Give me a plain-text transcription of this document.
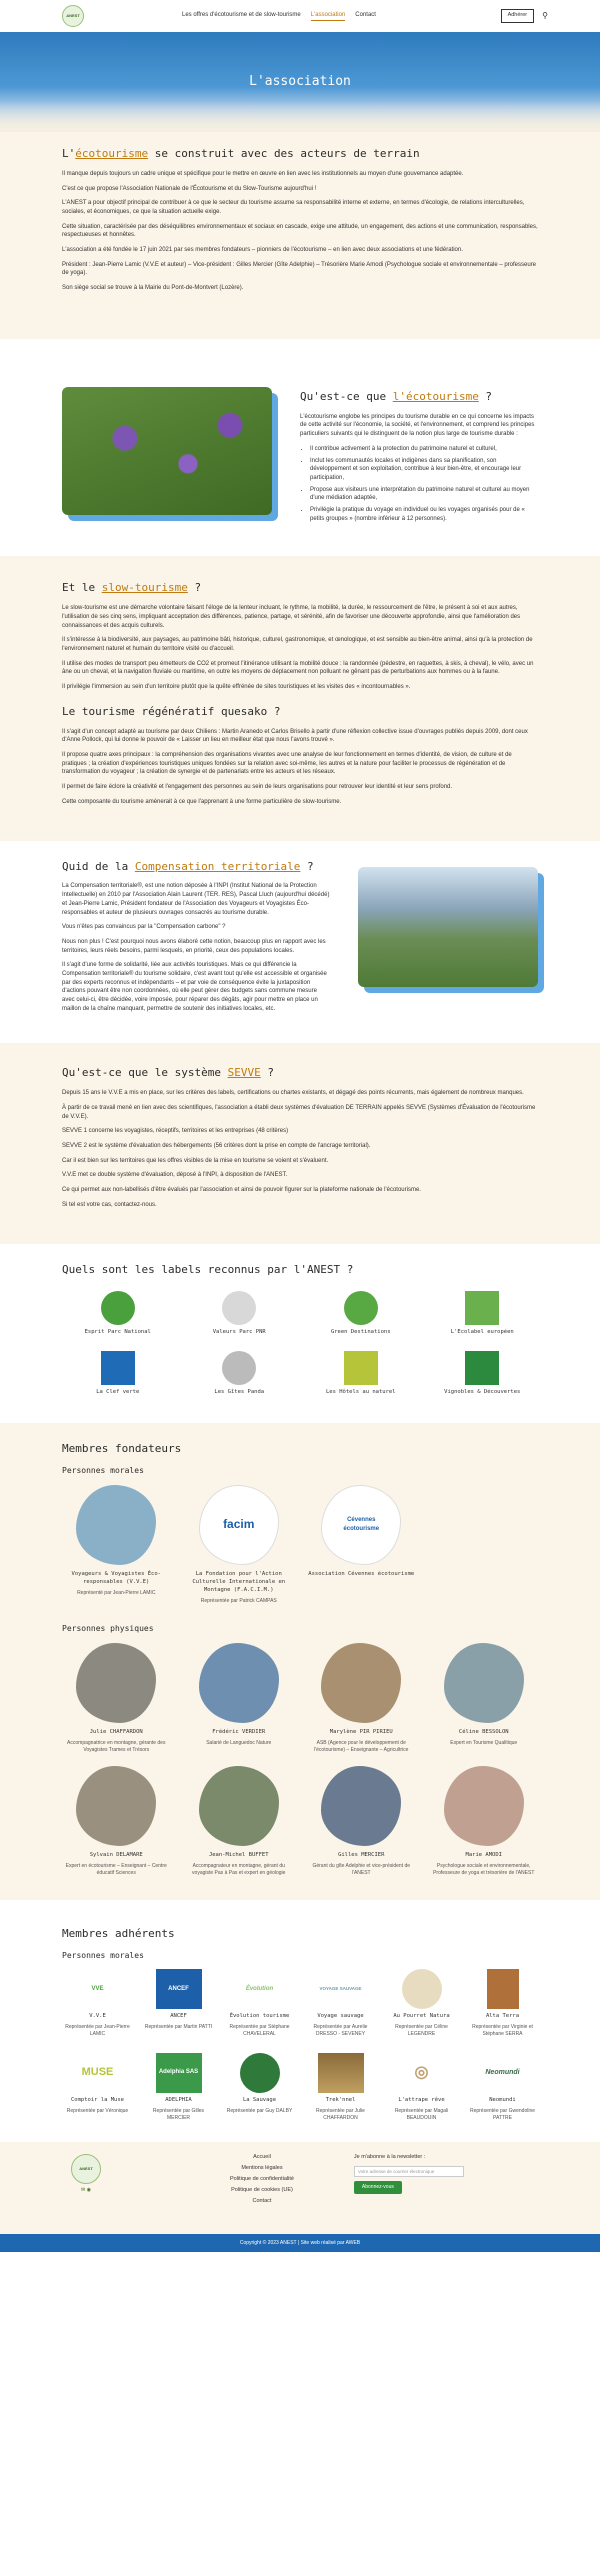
ANEST	Les offres d'écotourisme et de slow-tourisme L'association Contact	Adhérer	⚲
L'association
L'écotourisme se construit avec des acteurs de terrain

Il manque depuis toujours un cadre unique et spécifique pour le mettre en œuvre en lien avec les institutionnels au moyen d'une gouvernance adaptée.

C'est ce que propose l'Association Nationale de l'Écotourisme et du Slow-Tourisme aujourd'hui !

L'ANEST a pour objectif principal de contribuer à ce que le secteur du tourisme assume sa responsabilité interne et externe, en termes d'écologie, de relations interculturelles, sociales, et économiques, ce que la situation actuelle exige.

Cette situation, caractérisée par des déséquilibres environnementaux et sociaux en cascade, exige une attitude, un engagement, des actions et une communication, responsables, respectueuses et honnêtes.

L'association a été fondée le 17 juin 2021 par ses membres fondateurs – pionniers de l'écotourisme – en lien avec deux associations et une fédération.

Président : Jean-Pierre Lamic (V.V.E et auteur) – Vice-président : Gilles Mercier (Gîte Adelphie) – Trésorière Marie Amodi (Psychologue sociale et environnementale – professeure de yoga).

Son siège social se trouve à la Mairie du Pont-de-Montvert (Lozère).

Qu'est-ce que l'écotourisme ?

L'écotourisme englobe les principes du tourisme durable en ce qui concerne les impacts de cette activité sur l'économie, la société, et l'environnement, et comprend les principes particuliers suivants qui le distinguent de la notion plus large de tourisme durable :

• Il contribue activement à la protection du patrimoine naturel et culturel,
• Inclut les communautés locales et indigènes dans sa planification, son développement et son exploitation, contribue à leur bien-être, et encourage leur participation,
• Propose aux visiteurs une interprétation du patrimoine naturel et culturel au moyen d'une médiation adaptée,
• Privilégie la pratique du voyage en individuel ou les voyages organisés pour de « petits groupes » (nombre inférieur à 12 personnes).
Et le slow-tourisme ?

Le slow-tourisme est une démarche volontaire faisant l'éloge de la lenteur incluant, le rythme, la mobilité, la durée, le ressourcement de l'être, le présent à soi et aux autres, l'utilisation de ses cinq sens, impliquant acceptation des différences, patience, partage, et sérénité, afin de favoriser une découverte approfondie, ainsi que l'amélioration des connaissances et des acquis culturels.

Il s'intéresse à la biodiversité, aux paysages, au patrimoine bâti, historique, culturel, gastronomique, et œnologique, et est sensible au bien-être animal, ainsi qu'à la protection de l'environnement naturel et humain du territoire visité ou d'accueil.

Il utilise des modes de transport peu émetteurs de CO2 et promeut l'itinérance utilisant la mobilité douce : la randonnée (pédestre, en raquettes, à skis, à cheval), le vélo, avec un âne ou un cheval, et la navigation fluviale ou maritime, en outre les moyens de déplacement non polluant ne gênant pas de perturbations aux hommes ou à la faune.

Il privilégie l'immersion au sein d'un territoire plutôt que la quête effrénée de sites touristiques et les visites des « incontournables ».

Le tourisme régénératif quesako ?

Il s'agit d'un concept adapté au tourisme par deux Chiliens : Martin Aranedo et Carlos Brisello à partir d'une réflexion collective issue d'ouvrages publiés depuis 2009, dont ceux d'Anne Pollock, qui lui donne le pouvoir de « Laisser un lieu en meilleur état que nous l'avons trouvé ».

Il propose quatre axes principaux : la compréhension des organisations vivantes avec une analyse de leur fonctionnement en termes d'identité, de vision, de culture et de pratiques ; la création d'expériences touristiques uniques fondées sur la relation avec soi-même, les autres et la nature pour faciliter le processus de régénération et de transformation du voyageur ; la création de synergie et de partenariats entre les acteurs et les réseaux.

Il permet de faire éclore la créativité et l'engagement des personnes au sein de leurs organisations pour retrouver leur identité et leur sens profond.

Cette composante du tourisme amènerait à ce que l'apprenant à une forme particulière de slow-tourisme.

Quid de la Compensation territoriale ?

La Compensation territoriale®, est une notion déposée à l'INPI (Institut National de la Protection Intellectuelle) en 2010 par l'Association Alain Laurent (TER. RES), Pascal Lluch (aujourd'hui décédé) et Jean-Pierre Lamic, Président fondateur de l'Association des Voyageurs et Voyagistes Éco-responsables et auteur de plusieurs ouvrages consacrés au tourisme durable.

Vous n'êtes pas convaincus par la "Compensation carbone" ?

Nous non plus ! C'est pourquoi nous avons élaboré cette notion, beaucoup plus en rapport avec les territoires, leurs réels besoins, parmi lesquels, en priorité, ceux des populations locales.

Il s'agit d'une forme de solidarité, liée aux activités touristiques. Mais ce qui différencie la Compensation territoriale® du tourisme solidaire, c'est avant tout qu'elle est accessible et organisée par des experts reconnus et indépendants – et par voie de conséquence évite la juxtaposition d'actions pouvant être non coordonnées, où elle peut gérer des budgets sans commune mesure avec celui-ci, être décidée, voire imposée, pour réparer des dégâts, agir pour mettre en place un maillon de la chaîne manquant, permettre de soutenir des initiatives locales, etc.

Qu'est-ce que le système SEVVE ?

Depuis 15 ans le V.V.E a mis en place, sur les critères des labels, certifications ou chartes existants, et dégagé des points récurrents, mais également de nombreux manques.

À partir de ce travail mené en lien avec des scientifiques, l'association a établi deux systèmes d'évaluation DE TERRAIN appelés SEVVE (Systèmes d'Évaluation de l'écotourisme de V.V.E).

SEVVE 1 concerne les voyagistes, réceptifs, territoires et les entreprises (48 critères)

SEVVE 2 est le système d'évaluation des hébergements (56 critères dont la prise en compte de l'ancrage territorial).

Car il est bien sur les territoires que les offres visibles de la mise en tourisme se voient et s'évaluent.

V.V.E met ce double système d'évaluation, déposé à l'INPI, à disposition de l'ANEST.

Ce qui permet aux non-labellisés d'être évalués par l'association et ainsi de pouvoir figurer sur la plateforme nationale de l'écotourisme.

Si tel est votre cas, contactez-nous.

Quels sont les labels reconnus par l'ANEST ?
Esprit Parc National	Valeurs Parc PNR	Green Destinations	L'Ecolabel européen
La Clef verte	Les Gîtes Panda	Les Hôtels au naturel	Vignobles & Découvertes
Membres fondateurs
Personnes morales
Voyageurs & Voyagistes Éco-responsables (V.V.E)
Représenté par Jean-Pierre LAMIC
facim
La Fondation pour l'Action Culturelle Internationale en Montagne (F.A.C.I.M.)
Représentée par Patrick CAMPAS
Cévennes écotourisme
Association Cévennes écotourisme
Personnes physiques
Julie CHAFFARDON
Accompagnatrice en montagne, gérante des Voyagistes Trames et Trésors
Frédéric VERDIER
Salarié de Languedoc Nature
Marylène PIR PIRIEU
ASB (Agence pour le développement de l'écotourisme) – Enseignante – Agricultrice
Céline BESSOLON
Expert en Tourisme Qualitique
Sylvain DELAMARE
Expert en écotourisme – Enseignant – Centre éducatif Sciences
Jean-Michel BUFFET
Accompagnateur en montagne, gérant du voyagiste Pas à Pas et expert en géologie
Gilles MERCIER
Gérant du gîte Adelphie et vice-président de l'ANEST
Marie AMODI
Psychologue sociale et environnementale, Professeure de yoga et trésorière de l'ANEST
Membres adhérents
Personnes morales
VVE
V.V.E
Représentée par Jean-Pierre LAMIC
ANCEF
ANCEF
Représentée par Martin PATTI
Évolution
Évolution tourisme
Représentée par Stéphane CHAVELERAL
VOYAGE SAUVAGE
Voyage sauvage
Représentée par Aurelie DRESSO - SEVENEY
Au Pourret Natura
Représentée par Céline LEGENDRE
Alta Terra
Représentée par Virginie et Stéphane SERRA
MUSE
Comptoir la Muse
Représentée par Véronique
Adelphia SAS
ADELPHIA
Représentée par Gilles MERCIER
La Sauvage
Représentée par Guy DALBY
Trek'nnel
Représentée par Julie CHAFFARDON
◎
L'attrape rêve
Représentée par Magali BEAUDOUIN
Neomundi
Neomundi
Représentée par Gwendoline PATTRE
ANEST
✉ ◉
Accueil
Mentions légales
Politique de confidentialité
Politique de cookies (UE)
Contact
Je m'abonne à la newsletter :
Votre adresse de courrier électronique
Abonnez-vous
Copyright © 2023 ANEST | Site web réalisé par AWEB
